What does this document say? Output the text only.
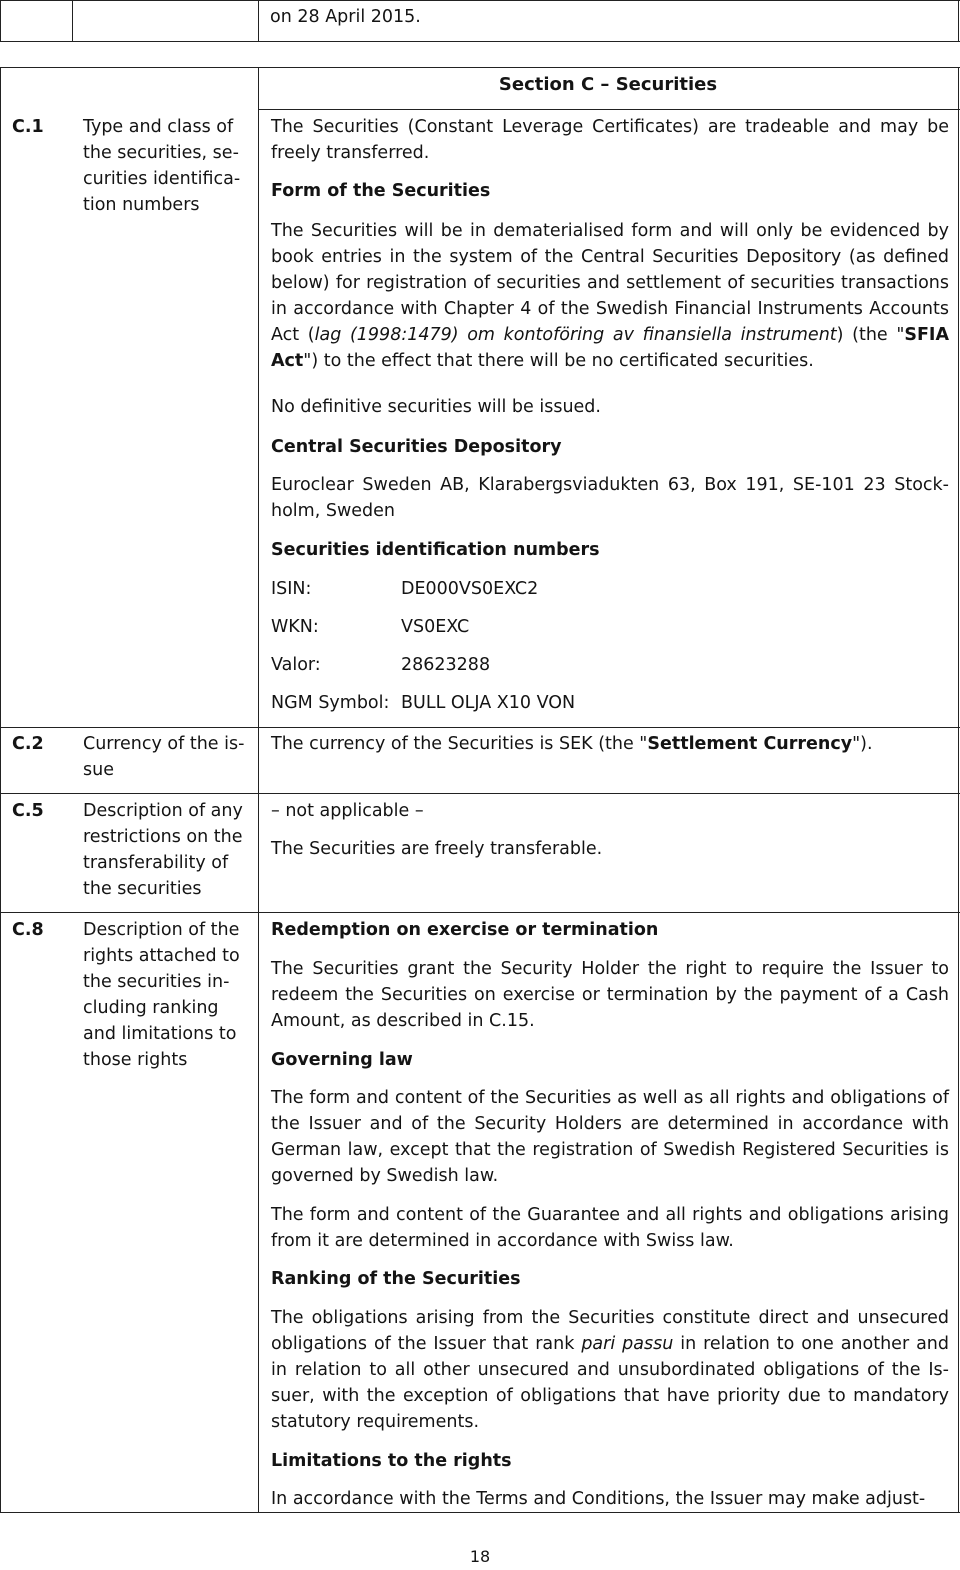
on 28 April 2015.

Section C – Securities

C.1	Type and class of the securities, securities identification numbers

The Securities (Constant Leverage Certificates) are tradeable and may be freely transferred.

Form of the Securities

The Securities will be in dematerialised form and will only be evidenced by book entries in the system of the Central Securities Depository (as defined below) for registration of securities and settlement of securities transactions in accordance with Chapter 4 of the Swedish Financial Instruments Accounts Act (lag (1998:1479) om kontoföring av finansiella instrument) (the "SFIA Act") to the effect that there will be no certificated securities.

No definitive securities will be issued.

Central Securities Depository

Euroclear Sweden AB, Klarabergsviadukten 63, Box 191, SE-101 23 Stockholm, Sweden

Securities identification numbers

ISIN:	DE000VS0EXC2

WKN:	VS0EXC

Valor:	28623288

NGM Symbol: BULL OLJA X10 VON

C.2	Currency of the issue

The currency of the Securities is SEK (the "Settlement Currency").

C.5	Description of any restrictions on the transferability of the securities

– not applicable –

The Securities are freely transferable.

C.8	Description of the rights attached to the securities including ranking and limitations to those rights

Redemption on exercise or termination

The Securities grant the Security Holder the right to require the Issuer to redeem the Securities on exercise or termination by the payment of a Cash Amount, as described in C.15.

Governing law

The form and content of the Securities as well as all rights and obligations of the Issuer and of the Security Holders are determined in accordance with German law, except that the registration of Swedish Registered Securities is governed by Swedish law.

The form and content of the Guarantee and all rights and obligations arising from it are determined in accordance with Swiss law.

Ranking of the Securities

The obligations arising from the Securities constitute direct and unsecured obligations of the Issuer that rank pari passu in relation to one another and in relation to all other unsecured and unsubordinated obligations of the Issuer, with the exception of obligations that have priority due to mandatory statutory requirements.

Limitations to the rights

In accordance with the Terms and Conditions, the Issuer may make adjust-

18
